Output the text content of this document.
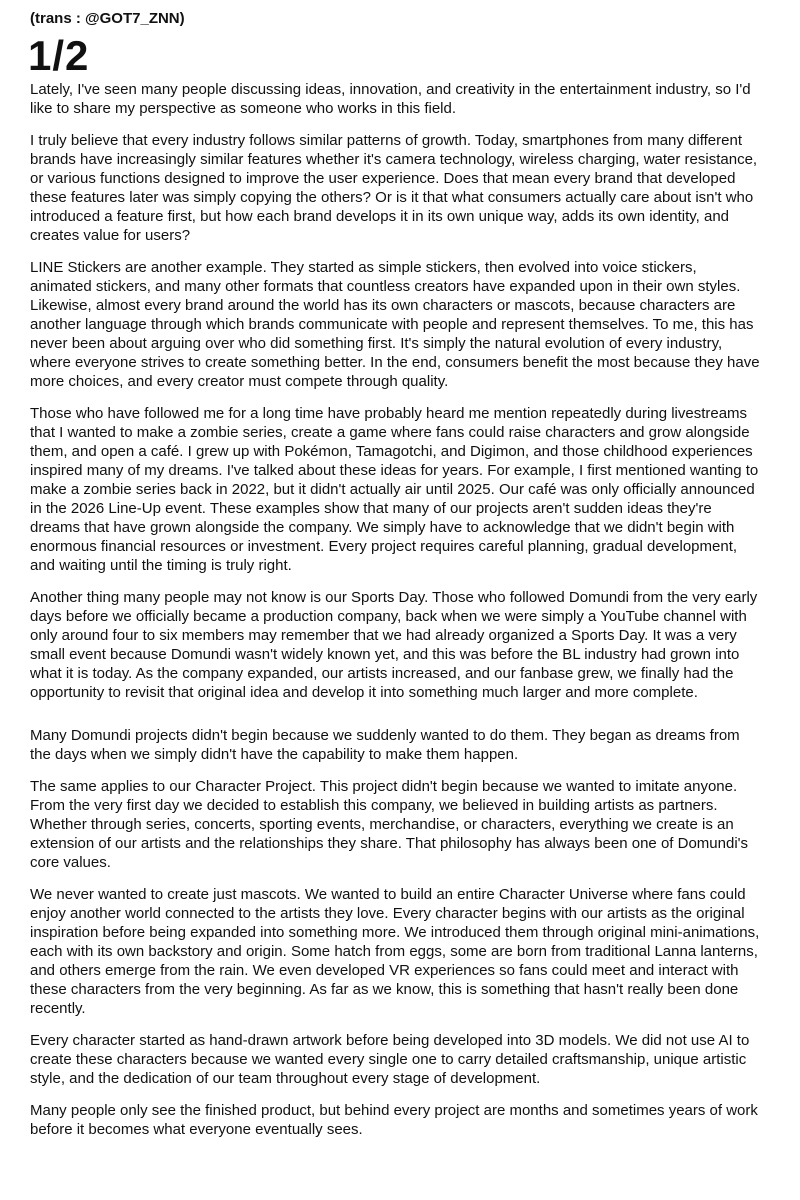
(trans : @GOT7_ZNN)
1/2

Lately, I've seen many people discussing ideas, innovation, and creativity in the entertainment industry, so I'd like to share my perspective as someone who works in this field.

I truly believe that every industry follows similar patterns of growth. Today, smartphones from many different brands have increasingly similar features whether it's camera technology, wireless charging, water resistance, or various functions designed to improve the user experience. Does that mean every brand that developed these features later was simply copying the others? Or is it that what consumers actually care about isn't who introduced a feature first, but how each brand develops it in its own unique way, adds its own identity, and creates value for users?

LINE Stickers are another example. They started as simple stickers, then evolved into voice stickers, animated stickers, and many other formats that countless creators have expanded upon in their own styles. Likewise, almost every brand around the world has its own characters or mascots, because characters are another language through which brands communicate with people and represent themselves. To me, this has never been about arguing over who did something first. It's simply the natural evolution of every industry, where everyone strives to create something better. In the end, consumers benefit the most because they have more choices, and every creator must compete through quality.

Those who have followed me for a long time have probably heard me mention repeatedly during livestreams that I wanted to make a zombie series, create a game where fans could raise characters and grow alongside them, and open a café. I grew up with Pokémon, Tamagotchi, and Digimon, and those childhood experiences inspired many of my dreams. I've talked about these ideas for years. For example, I first mentioned wanting to make a zombie series back in 2022, but it didn't actually air until 2025. Our café was only officially announced in the 2026 Line-Up event. These examples show that many of our projects aren't sudden ideas they're dreams that have grown alongside the company. We simply have to acknowledge that we didn't begin with enormous financial resources or investment. Every project requires careful planning, gradual development, and waiting until the timing is truly right.

Another thing many people may not know is our Sports Day. Those who followed Domundi from the very early days before we officially became a production company, back when we were simply a YouTube channel with only around four to six members may remember that we had already organized a Sports Day. It was a very small event because Domundi wasn't widely known yet, and this was before the BL industry had grown into what it is today. As the company expanded, our artists increased, and our fanbase grew, we finally had the opportunity to revisit that original idea and develop it into something much larger and more complete.

Many Domundi projects didn't begin because we suddenly wanted to do them. They began as dreams from the days when we simply didn't have the capability to make them happen.

The same applies to our Character Project. This project didn't begin because we wanted to imitate anyone. From the very first day we decided to establish this company, we believed in building artists as partners. Whether through series, concerts, sporting events, merchandise, or characters, everything we create is an extension of our artists and the relationships they share. That philosophy has always been one of Domundi's core values.

We never wanted to create just mascots. We wanted to build an entire Character Universe where fans could enjoy another world connected to the artists they love. Every character begins with our artists as the original inspiration before being expanded into something more. We introduced them through original mini-animations, each with its own backstory and origin. Some hatch from eggs, some are born from traditional Lanna lanterns, and others emerge from the rain. We even developed VR experiences so fans could meet and interact with these characters from the very beginning. As far as we know, this is something that hasn't really been done recently.

Every character started as hand-drawn artwork before being developed into 3D models. We did not use AI to create these characters because we wanted every single one to carry detailed craftsmanship, unique artistic style, and the dedication of our team throughout every stage of development.

Many people only see the finished product, but behind every project are months and sometimes years of work before it becomes what everyone eventually sees.
